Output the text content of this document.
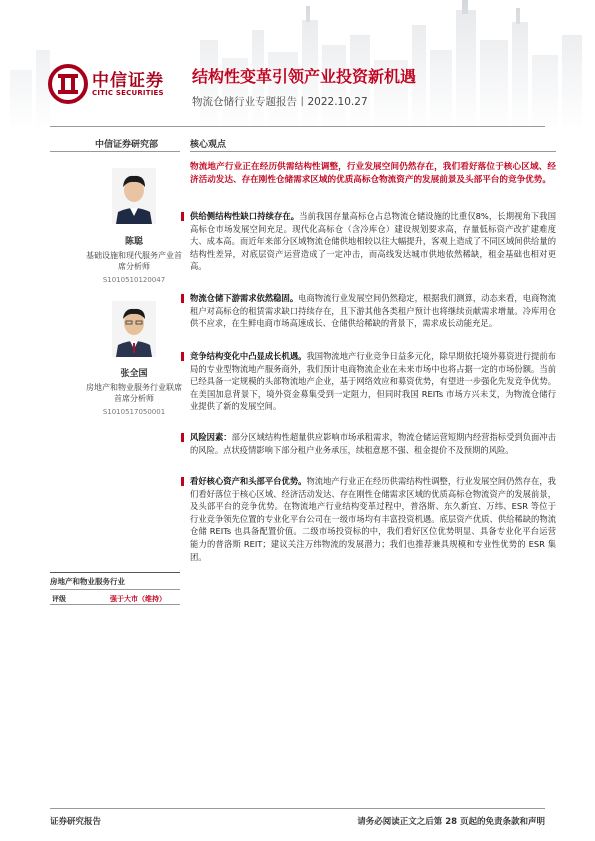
中信证券
CITIC SECURITIES
结构性变革引领产业投资新机遇
物流仓储行业专题报告丨2022.10.27
中信证券研究部	核心观点
陈聪
基础设施和现代服务产业首席分析师
S1010510120047
张全国
房地产和物业服务行业联席首席分析师
S1010517050001
房地产和物业服务行业
评级	强于大市（维持）
物流地产行业正在经历供需结构性调整，行业发展空间仍然存在，我们看好落位于核心区域、经济活动发达、存在刚性仓储需求区域的优质高标仓物流资产的发展前景及头部平台的竞争优势。
供给侧结构性缺口持续存在。当前我国存量高标仓占总物流仓储设施的比重仅8%，长期视角下我国高标仓市场发展空间充足。现代化高标仓（含冷库仓）建设规划要求高，存量低标资产改扩建难度大、成本高。而近年来部分区域物流仓储供地相较以往大幅提升，客观上造成了不同区域间供给量的结构性差异，对底层资产运营造成了一定冲击，而高线发达城市供地依然稀缺，租金基础也相对更高。
物流仓储下游需求依然稳固。电商物流行业发展空间仍然稳定，根据我们测算，动态来看，电商物流租户对高标仓的租赁需求缺口持续存在，且下游其他各类租户预计也将继续贡献需求增量。冷库用仓供不应求，在生鲜电商市场高速成长、仓储供给稀缺的背景下，需求成长动能充足。
竞争结构变化中凸显成长机遇。我国物流地产行业竞争日益多元化，除早期依托境外募资进行提前布局的专业型物流地产服务商外，我们预计电商物流企业在未来市场中也将占据一定的市场份额。当前已经具备一定规模的头部物流地产企业，基于网络效应和募资优势，有望进一步强化先发竞争优势。在美国加息背景下，境外资金募集受到一定阻力，但同时我国 REITs 市场方兴未艾，为物流仓储行业提供了新的发展空间。
风险因素：部分区域结构性超量供应影响市场承租需求，物流仓储运营短期内经营指标受到负面冲击的风险。点状疫情影响下部分租户业务承压，续租意愿不强、租金提价不及预期的风险。
看好核心资产和头部平台优势。物流地产行业正在经历供需结构性调整，行业发展空间仍然存在，我们看好落位于核心区域、经济活动发达、存在刚性仓储需求区域的优质高标仓物流资产的发展前景，及头部平台的竞争优势。在物流地产行业结构变革过程中，普洛斯、东久新宜、万纬、ESR 等位于行业竞争领先位置的专业化平台公司在一级市场均有丰富投资机遇。底层资产优质、供给稀缺的物流仓储 REITs 也具备配置价值。二级市场投资标的中，我们看好区位优势明显、具备专业化平台运营能力的普洛斯 REIT；建议关注万纬物流的发展潜力；我们也推荐兼具规模和专业性优势的 ESR 集团。
证券研究报告	请务必阅读正文之后第 28 页起的免责条款和声明
